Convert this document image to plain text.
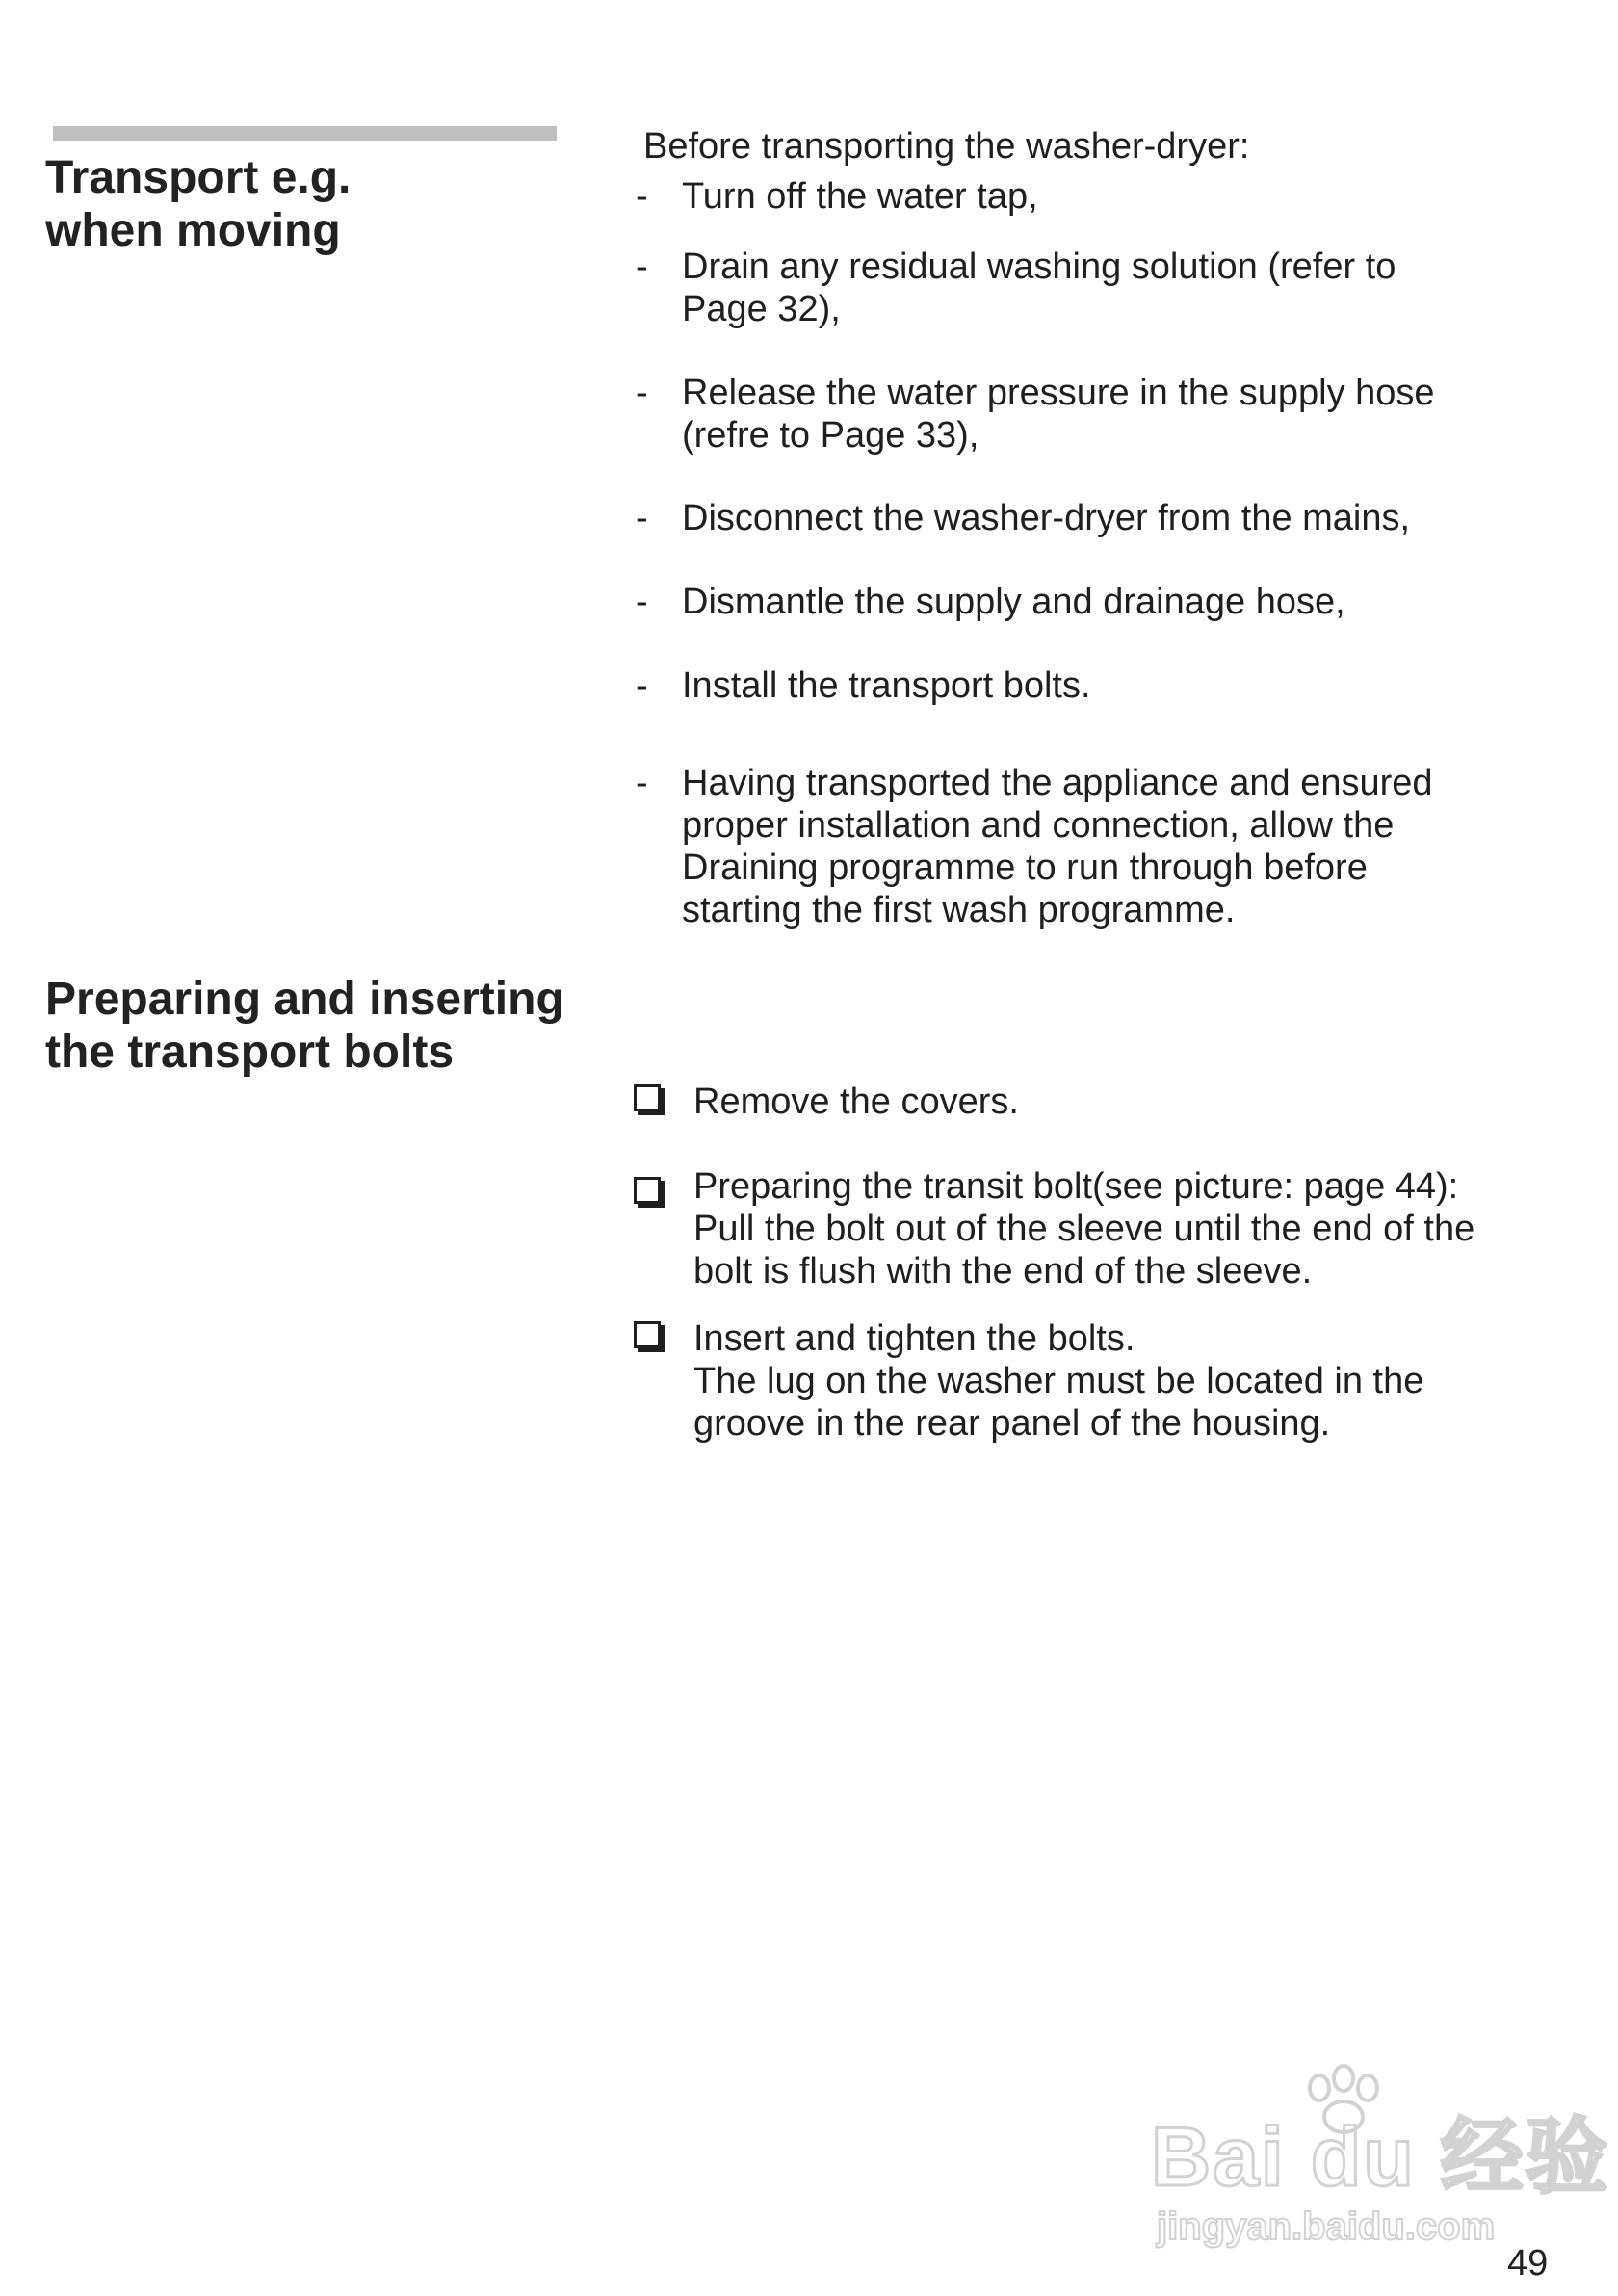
Transport e.g.
when moving
Before transporting the washer-dryer:
- Turn off the water tap,
- Drain any residual washing solution (refer to
Page 32),
- Release the water pressure in the supply hose
(refre to Page 33),
- Disconnect the washer-dryer from the mains,
- Dismantle the supply and drainage hose,
- Install the transport bolts.
- Having transported the appliance and ensured
proper installation and connection, allow the
Draining programme to run through before
starting the first wash programme.
Preparing and inserting
the transport bolts
Remove the covers.
Preparing the transit bolt(see picture: page 44):
Pull the bolt out of the sleeve until the end of the
bolt is flush with the end of the sleeve.
Insert and tighten the bolts.
The lug on the washer must be located in the
groove in the rear panel of the housing.
Bai du 经验
jingyan.baidu.com
49
